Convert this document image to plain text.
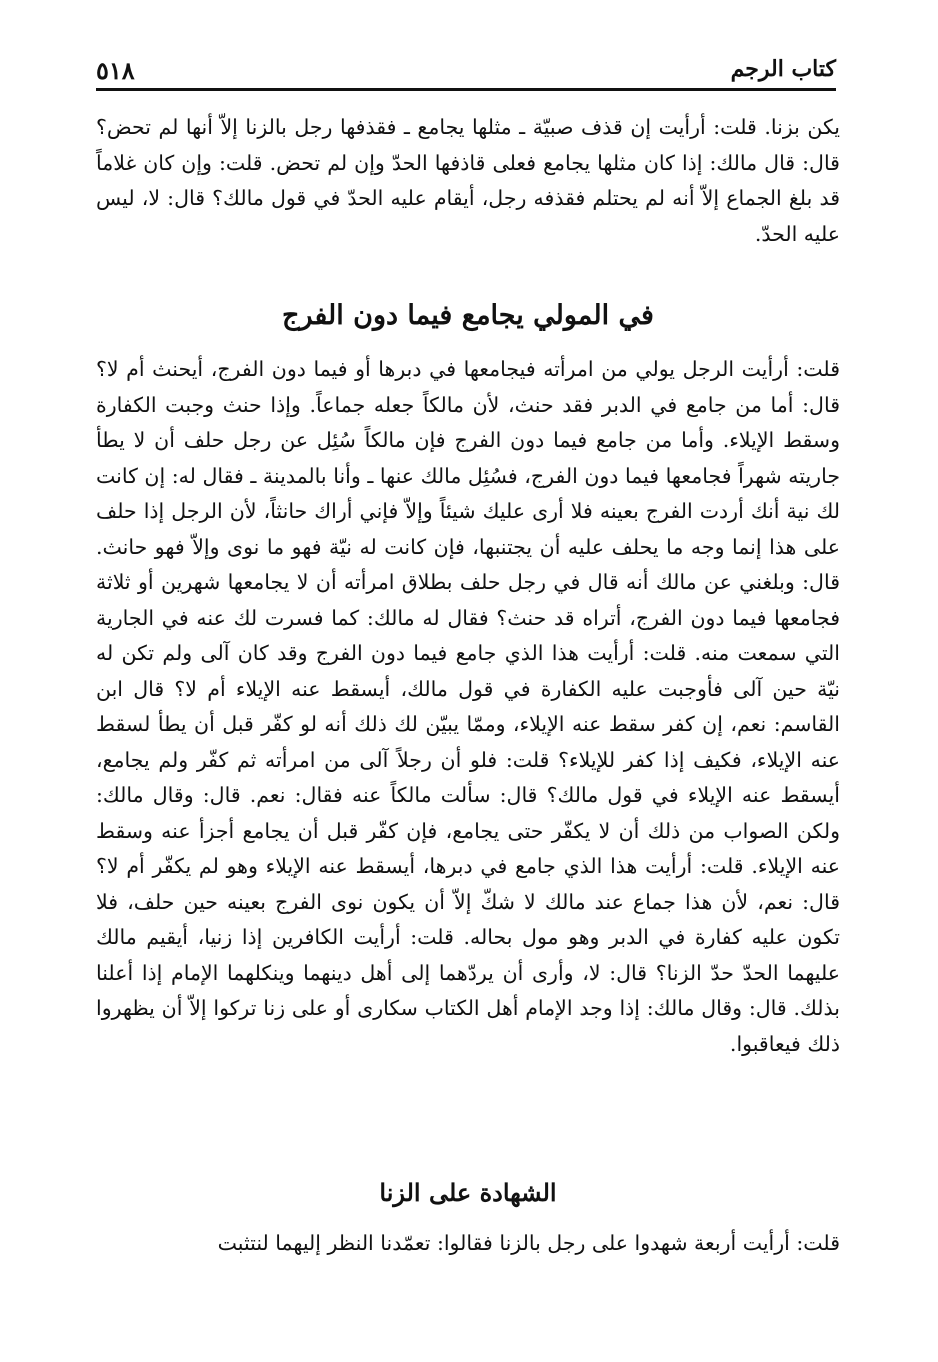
٥١٨	كتاب الرجم

يكن بزنا. قلت: أرأيت إن قذف صبيّة ـ مثلها يجامع ـ فقذفها رجل بالزنا إلاّ أنها لم تحض؟ قال: قال مالك: إذا كان مثلها يجامع فعلى قاذفها الحدّ وإن لم تحض. قلت: وإن كان غلاماً قد بلغ الجماع إلاّ أنه لم يحتلم فقذفه رجل، أيقام عليه الحدّ في قول مالك؟ قال: لا، ليس عليه الحدّ.

في المولي يجامع فيما دون الفرج

قلت: أرأيت الرجل يولي من امرأته فيجامعها في دبرها أو فيما دون الفرج، أيحنث أم لا؟ قال: أما من جامع في الدبر فقد حنث، لأن مالكاً جعله جماعاً. وإذا حنث وجبت الكفارة وسقط الإيلاء. وأما من جامع فيما دون الفرج فإن مالكاً سُئِل عن رجل حلف أن لا يطأ جاريته شهراً فجامعها فيما دون الفرج، فسُئِل مالك عنها ـ وأنا بالمدينة ـ فقال له: إن كانت لك نية أنك أردت الفرج بعينه فلا أرى عليك شيئاً وإلاّ فإني أراك حانثاً، لأن الرجل إذا حلف على هذا إنما وجه ما يحلف عليه أن يجتنبها، فإن كانت له نيّة فهو ما نوى وإلاّ فهو حانث. قال: وبلغني عن مالك أنه قال في رجل حلف بطلاق امرأته أن لا يجامعها شهرين أو ثلاثة فجامعها فيما دون الفرج، أتراه قد حنث؟ فقال له مالك: كما فسرت لك عنه في الجارية التي سمعت منه. قلت: أرأيت هذا الذي جامع فيما دون الفرج وقد كان آلى ولم تكن له نيّة حين آلى فأوجبت عليه الكفارة في قول مالك، أيسقط عنه الإيلاء أم لا؟ قال ابن القاسم: نعم، إن كفر سقط عنه الإيلاء، وممّا يبيّن لك ذلك أنه لو كفّر قبل أن يطأ لسقط عنه الإيلاء، فكيف إذا كفر للإيلاء؟ قلت: فلو أن رجلاً آلى من امرأته ثم كفّر ولم يجامع، أيسقط عنه الإيلاء في قول مالك؟ قال: سألت مالكاً عنه فقال: نعم. قال: وقال مالك: ولكن الصواب من ذلك أن لا يكفّر حتى يجامع، فإن كفّر قبل أن يجامع أجزأ عنه وسقط عنه الإيلاء. قلت: أرأيت هذا الذي جامع في دبرها، أيسقط عنه الإيلاء وهو لم يكفّر أم لا؟ قال: نعم، لأن هذا جماع عند مالك لا شكّ إلاّ أن يكون نوى الفرج بعينه حين حلف، فلا تكون عليه كفارة في الدبر وهو مول بحاله. قلت: أرأيت الكافرين إذا زنيا، أيقيم مالك عليهما الحدّ حدّ الزنا؟ قال: لا، وأرى أن يردّهما إلى أهل دينهما وينكلهما الإمام إذا أعلنا بذلك. قال: وقال مالك: إذا وجد الإمام أهل الكتاب سكارى أو على زنا تركوا إلاّ أن يظهروا ذلك فيعاقبوا.

الشهادة على الزنا

قلت: أرأيت أربعة شهدوا على رجل بالزنا فقالوا: تعمّدنا النظر إليهما لنتثبت
